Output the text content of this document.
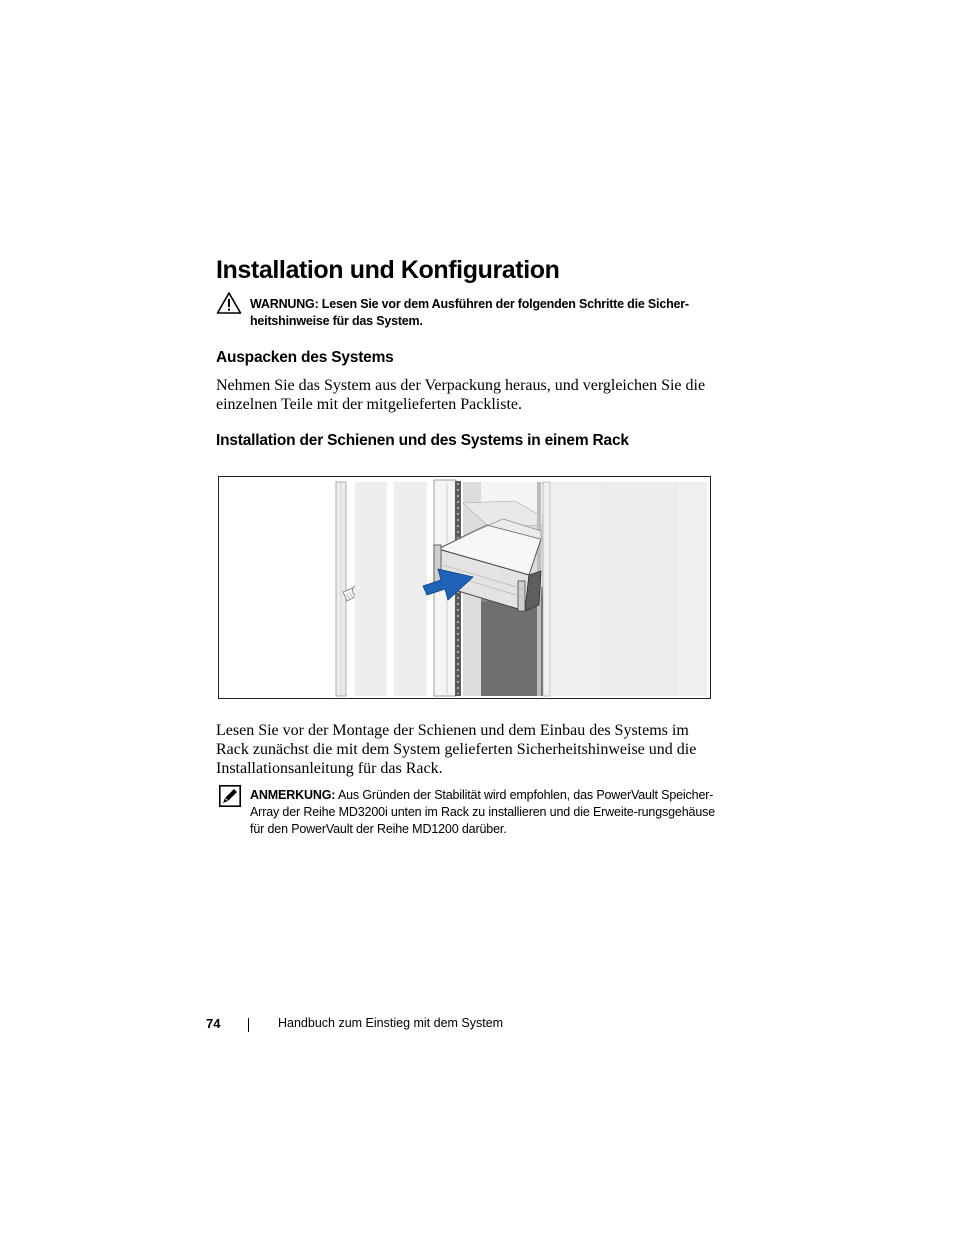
Installation und Konfiguration
WARNUNG: Lesen Sie vor dem Ausführen der folgenden Schritte die Sicher-heitshinweise für das System.
Auspacken des Systems
Nehmen Sie das System aus der Verpackung heraus, und vergleichen Sie die einzelnen Teile mit der mitgelieferten Packliste.
Installation der Schienen und des Systems in einem Rack
Lesen Sie vor der Montage der Schienen und dem Einbau des Systems im Rack zunächst die mit dem System gelieferten Sicherheitshinweise und die Installationsanleitung für das Rack.
ANMERKUNG: Aus Gründen der Stabilität wird empfohlen, das PowerVault Speicher-Array der Reihe MD3200i unten im Rack zu installieren und die Erweite-rungsgehäuse für den PowerVault der Reihe MD1200 darüber.
74	Handbuch zum Einstieg mit dem System
